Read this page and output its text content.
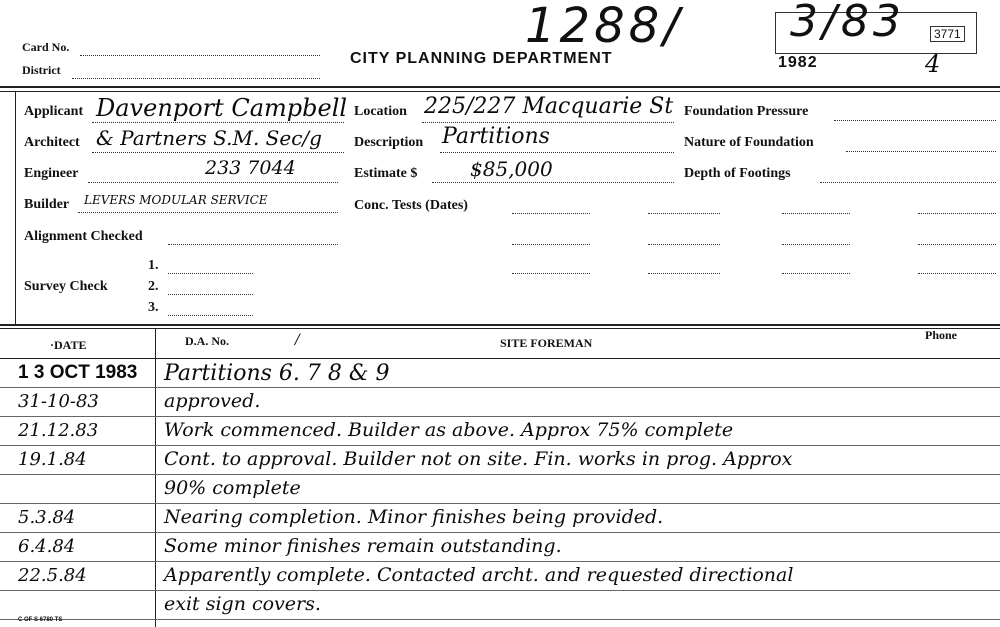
Card No.
District
CITY PLANNING DEPARTMENT
1288/ 3/83	3771
1982	4
Applicant Davenport Campbell
Architect & Partners S.M. Sec/g
Engineer	233 7044
Builder LEVERS MODULAR SERVICE
Alignment Checked
1.
Survey Check	2.
3.
Location 225/227 Macquarie St
Description Partitions
Estimate $	$85,000
Conc. Tests (Dates)
Foundation Pressure
Nature of Foundation
Depth of Footings
·DATE	D.A. No.	/	SITE FOREMAN
Phone
1 3 OCT 1983 Partitions 6. 7 8 & 9
31-10-83	approved.
21.12.83	Work commenced. Builder as above. Approx 75% complete
19.1.84	Cont. to approval. Builder not on site. Fin. works in prog. Approx
90% complete
5.3.84	Nearing completion. Minor finishes being provided.
6.4.84	Some minor finishes remain outstanding.
22.5.84	Apparently complete. Contacted archt. and requested directional
exit sign covers.
C OF S 6780 TS
